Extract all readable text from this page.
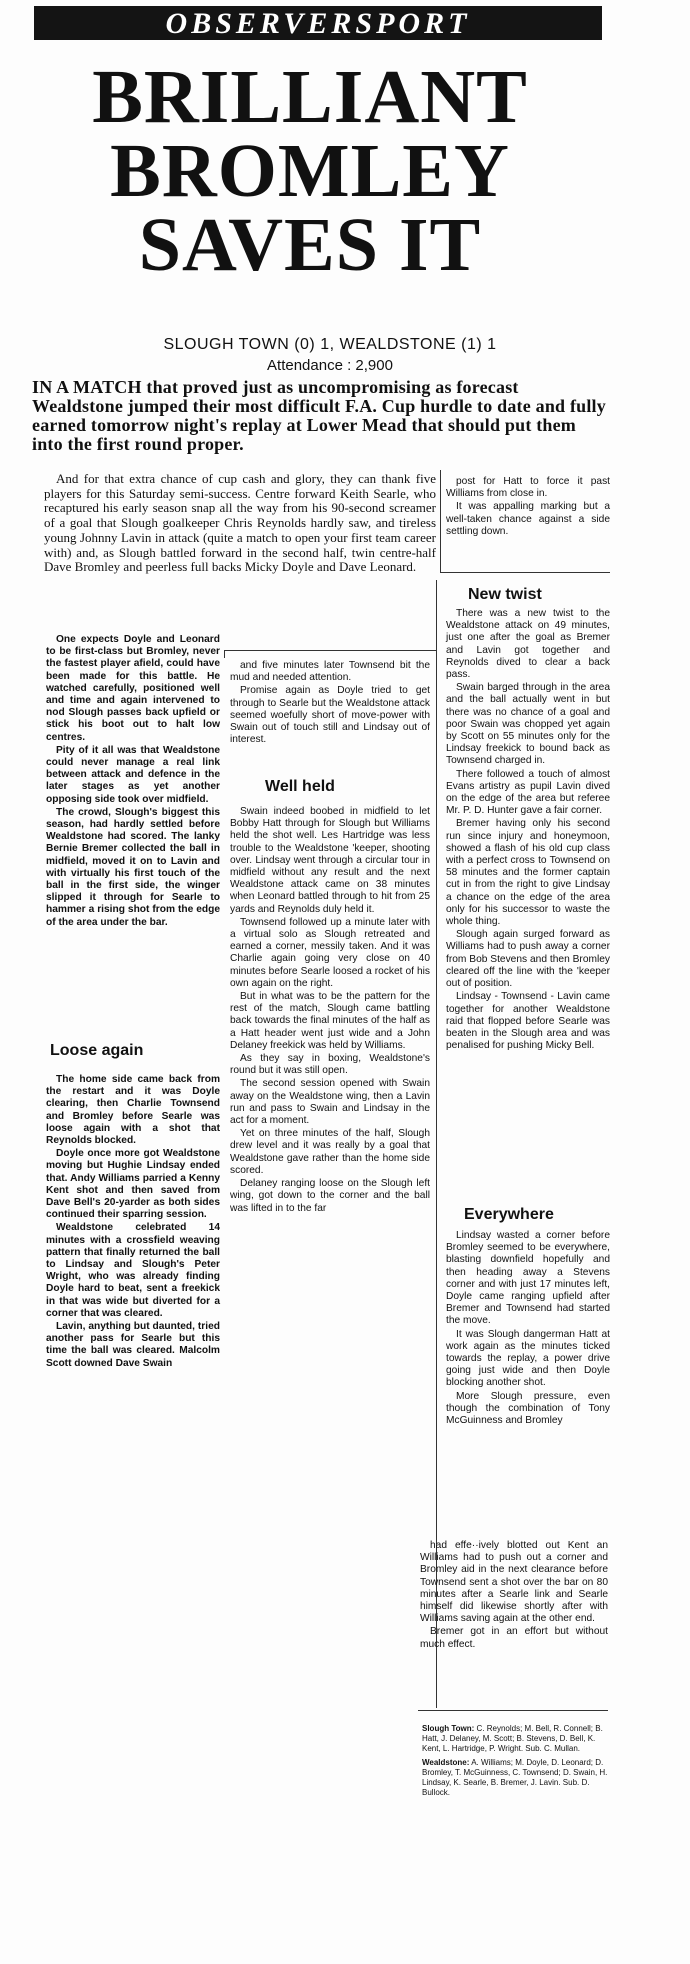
OBSERVERSPORT
BRILLIANT
BROMLEY
SAVES IT
SLOUGH TOWN (0) 1, WEALDSTONE (1) 1
Attendance : 2,900
IN A MATCH that proved just as uncompromising as forecast Wealdstone jumped their most difficult F.A. Cup hurdle to date and fully earned tomorrow night's replay at Lower Mead that should put them into the first round proper.

And for that extra chance of cup cash and glory, they can thank five players for this Saturday semi-success. Centre forward Keith Searle, who recaptured his early season snap all the way from his 90-second screamer of a goal that Slough goalkeeper Chris Reynolds hardly saw, and tireless young Johnny Lavin in attack (quite a match to open your first team career with) and, as Slough battled forward in the second half, twin centre-half Dave Bromley and peerless full backs Micky Doyle and Dave Leonard.

One expects Doyle and Leonard to be first-class but Bromley, never the fastest player afield, could have been made for this battle. He watched carefully, positioned well and time and again intervened to nod Slough passes back upfield or stick his boot out to halt low centres.

Pity of it all was that Wealdstone could never manage a real link between attack and defence in the later stages as yet another opposing side took over midfield.

The crowd, Slough's biggest this season, had hardly settled before Wealdstone had scored. The lanky Bernie Bremer collected the ball in midfield, moved it on to Lavin and with virtually his first touch of the ball in the first side, the winger slipped it through for Searle to hammer a rising shot from the edge of the area under the bar.

Loose again

The home side came back from the restart and it was Doyle clearing, then Charlie Townsend and Bromley before Searle was loose again with a shot that Reynolds blocked.

Doyle once more got Wealdstone moving but Hughie Lindsay ended that. Andy Williams parried a Kenny Kent shot and then saved from Dave Bell's 20-yarder as both sides continued their sparring session.

Wealdstone celebrated 14 minutes with a crossfield weaving pattern that finally returned the ball to Lindsay and Slough's Peter Wright, who was already finding Doyle hard to beat, sent a freekick in that was wide but diverted for a corner that was cleared.

Lavin, anything but daunted, tried another pass for Searle but this time the ball was cleared. Malcolm Scott downed Dave Swain

and five minutes later Townsend bit the mud and needed attention.

Promise again as Doyle tried to get through to Searle but the Wealdstone attack seemed woefully short of move-power with Swain out of touch still and Lindsay out of interest.

Well held

Swain indeed boobed in midfield to let Bobby Hatt through for Slough but Williams held the shot well. Les Hartridge was less trouble to the Wealdstone 'keeper, shooting over. Lindsay went through a circular tour in midfield without any result and the next Wealdstone attack came on 38 minutes when Leonard battled through to hit from 25 yards and Reynolds duly held it.

Townsend followed up a minute later with a virtual solo as Slough retreated and earned a corner, messily taken. And it was Charlie again going very close on 40 minutes before Searle loosed a rocket of his own again on the right.

But in what was to be the pattern for the rest of the match, Slough came battling back towards the final minutes of the half as a Hatt header went just wide and a John Delaney freekick was held by Williams.

As they say in boxing, Wealdstone's round but it was still open.

The second session opened with Swain away on the Wealdstone wing, then a Lavin run and pass to Swain and Lindsay in the act for a moment.

Yet on three minutes of the half, Slough drew level and it was really by a goal that Wealdstone gave rather than the home side scored.

Delaney ranging loose on the Slough left wing, got down to the corner and the ball was lifted in to the far

post for Hatt to force it past Williams from close in.

It was appalling marking but a well-taken chance against a side settling down.

New twist

There was a new twist to the Wealdstone attack on 49 minutes, just one after the goal as Bremer and Lavin got together and Reynolds dived to clear a back pass.

Swain barged through in the area and the ball actually went in but there was no chance of a goal and poor Swain was chopped yet again by Scott on 55 minutes only for the Lindsay freekick to bound back as Townsend charged in.

There followed a touch of almost Evans artistry as pupil Lavin dived on the edge of the area but referee Mr. P. D. Hunter gave a fair corner.

Bremer having only his second run since injury and honeymoon, showed a flash of his old cup class with a perfect cross to Townsend on 58 minutes and the former captain cut in from the right to give Lindsay a chance on the edge of the area only for his successor to waste the whole thing.

Slough again surged forward as Williams had to push away a corner from Bob Stevens and then Bromley cleared off the line with the 'keeper out of position.

Lindsay - Townsend - Lavin came together for another Wealdstone raid that flopped before Searle was beaten in the Slough area and was penalised for pushing Micky Bell.

Everywhere

Lindsay wasted a corner before Bromley seemed to be everywhere, blasting downfield hopefully and then heading away a Stevens corner and with just 17 minutes left, Doyle came ranging upfield after Bremer and Townsend had started the move.

It was Slough dangerman Hatt at work again as the minutes ticked towards the replay, a power drive going just wide and then Doyle blocking another shot.

More Slough pressure, even though the combination of Tony McGuinness and Bromley

had effe··ively blotted out Kent an Williams had to push out a corner and Bromley aid in the next clearance before Townsend sent a shot over the bar on 80 minutes after a Searle link and Searle himself did likewise shortly after with Williams saving again at the other end.

Bremer got in an effort but without much effect.

Slough Town: C. Reynolds; M. Bell, R. Connell; B. Hatt, J. Delaney, M. Scott; B. Stevens, D. Bell, K. Kent, L. Hartridge, P. Wright. Sub. C. Mullan.

Wealdstone: A. Williams; M. Doyle, D. Leonard; D. Bromley, T. McGuinness, C. Townsend; D. Swain, H. Lindsay, K. Searle, B. Bremer, J. Lavin. Sub. D. Bullock.
